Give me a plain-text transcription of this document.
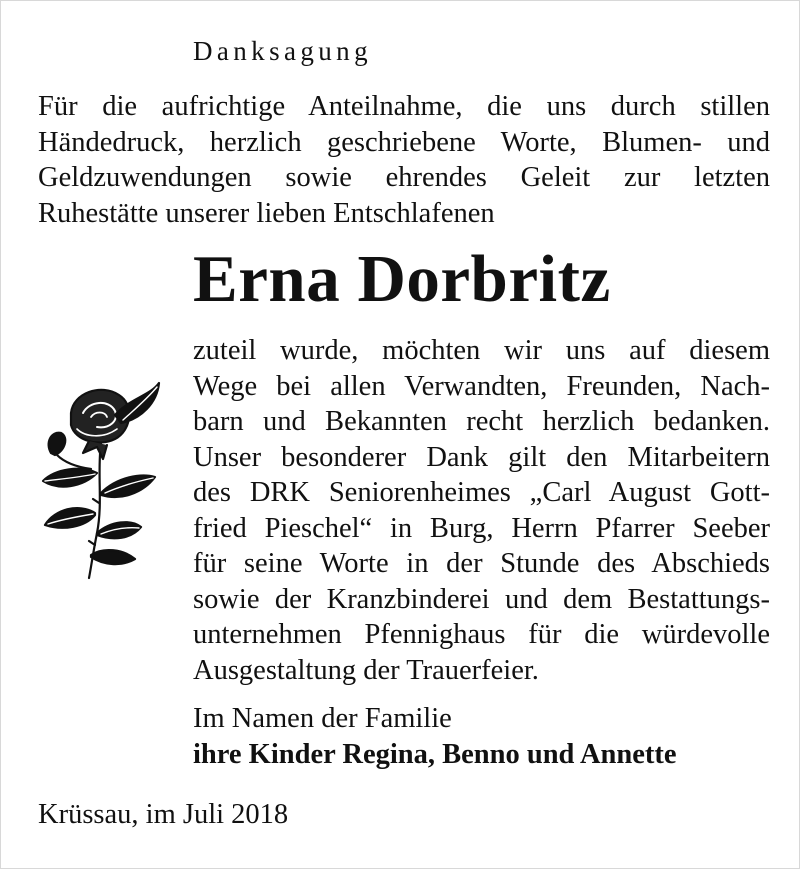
Danksagung
Für die aufrichtige Anteilnahme, die uns durch stillen
Händedruck, herzlich geschriebene Worte, Blumen- und
Geldzuwendungen sowie ehrendes Geleit zur letzten
Ruhestätte unserer lieben Entschlafenen
Erna Dorbritz
zuteil wurde, möchten wir uns auf diesem
Wege bei allen Verwandten, Freunden, Nach-
barn und Bekannten recht herzlich bedanken.
Unser besonderer Dank gilt den Mitarbeitern
des DRK Seniorenheimes „Carl August Gott-
fried Pieschel“ in Burg, Herrn Pfarrer Seeber
für seine Worte in der Stunde des Abschieds
sowie der Kranzbinderei und dem Bestattungs-
unternehmen Pfennighaus für die würdevolle
Ausgestaltung der Trauerfeier.
Im Namen der Familie
ihre Kinder Regina, Benno und Annette
Krüssau, im Juli 2018
